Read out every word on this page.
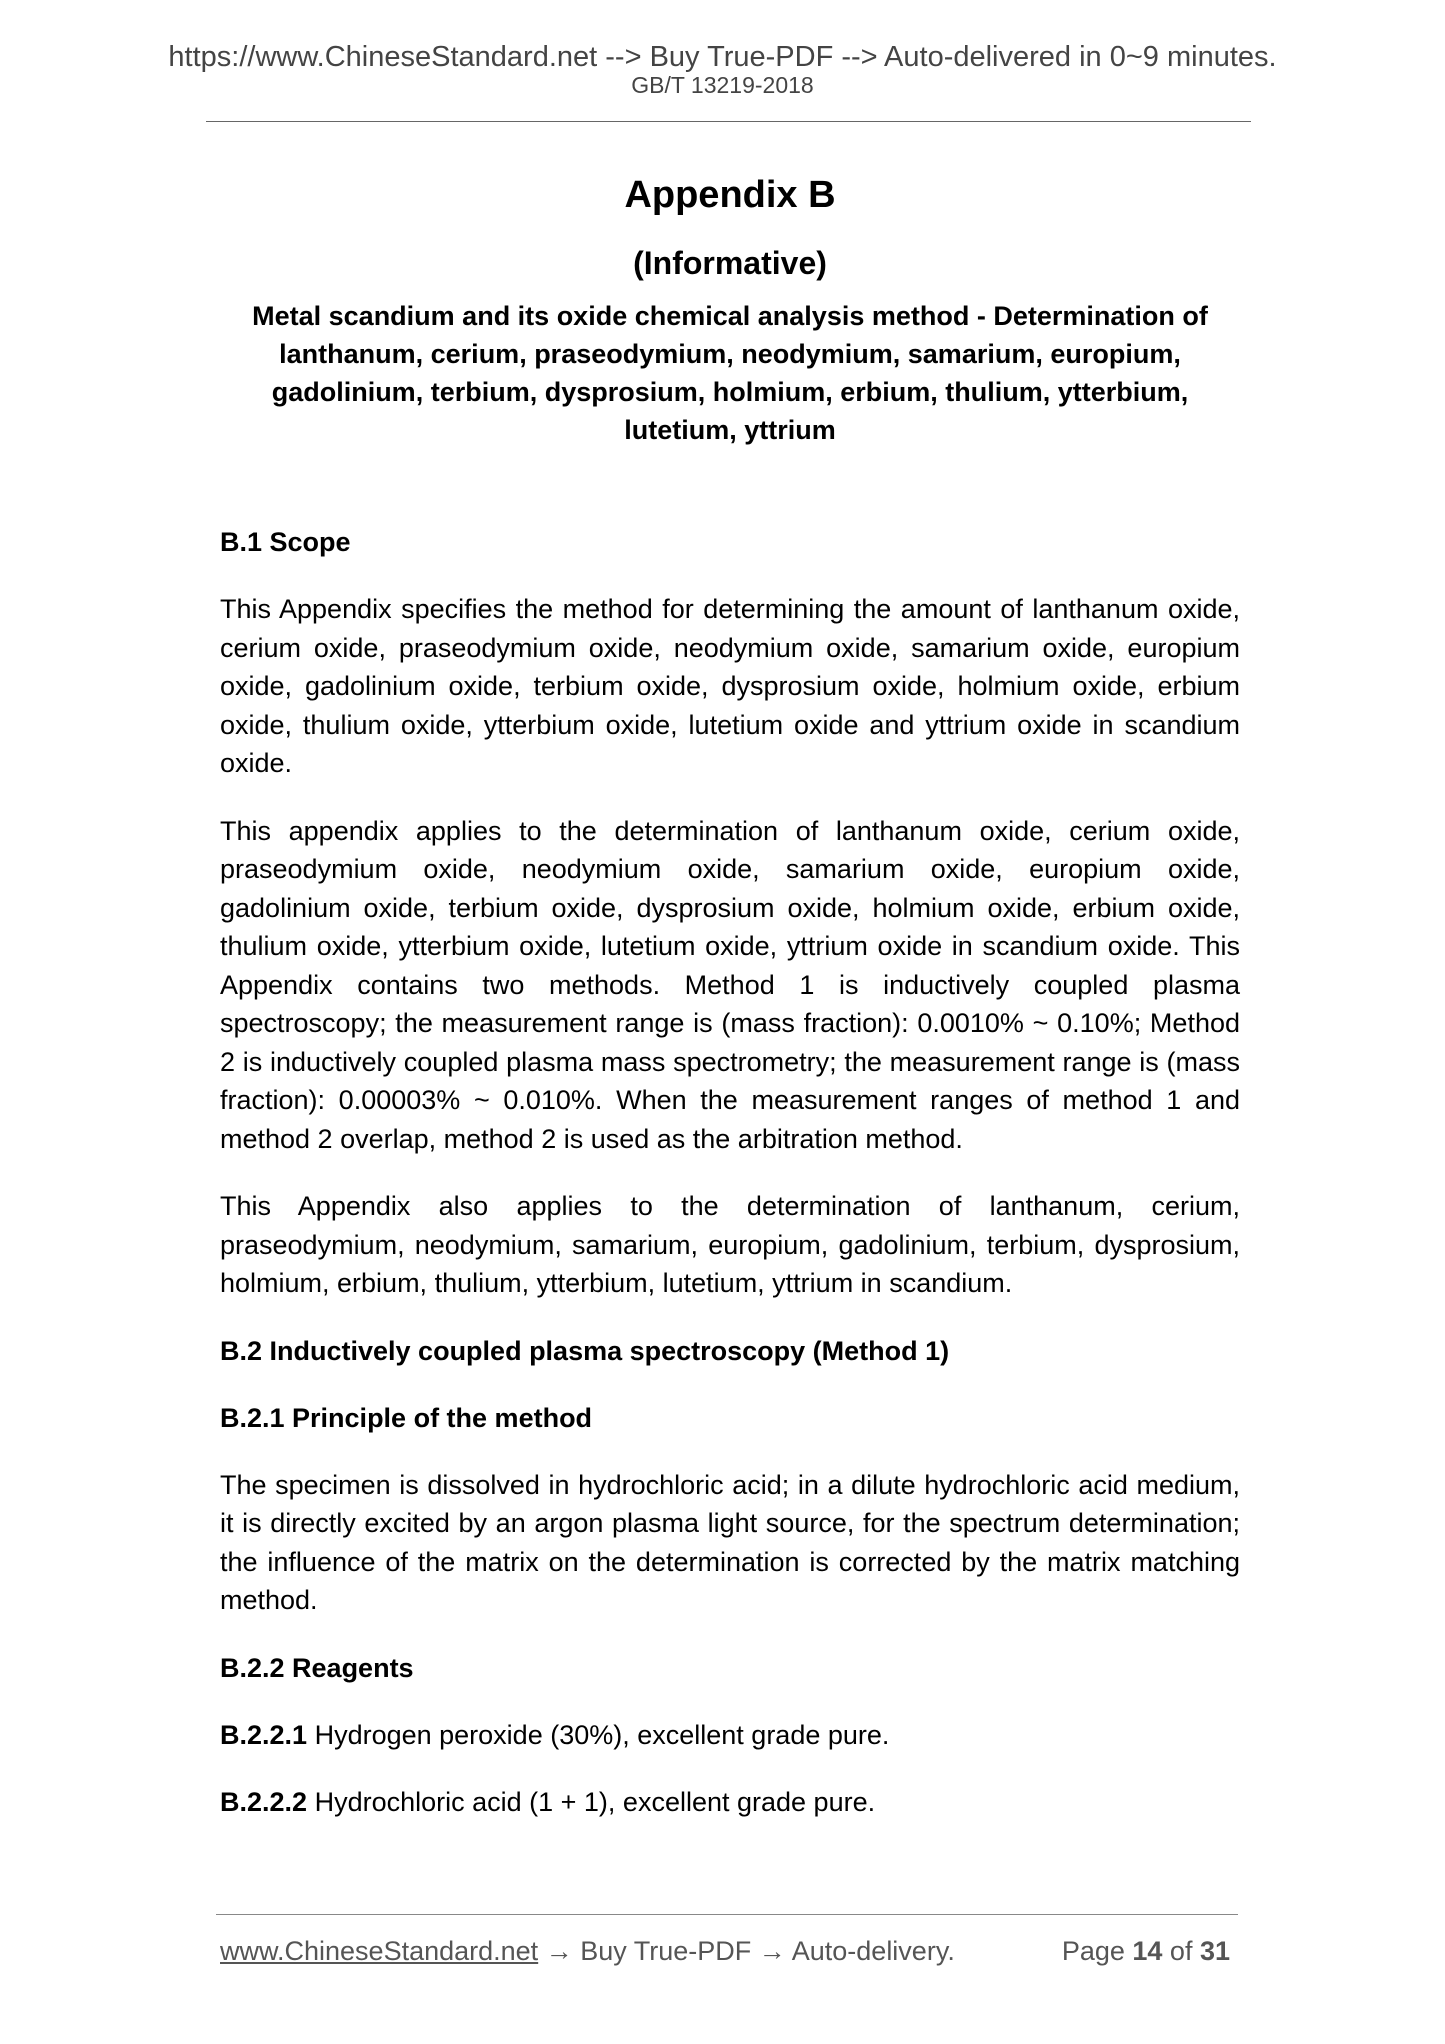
https://www.ChineseStandard.net --> Buy True-PDF --> Auto-delivered in 0~9 minutes.
GB/T 13219-2018
Appendix B
(Informative)
Metal scandium and its oxide chemical analysis method - Determination of lanthanum, cerium, praseodymium, neodymium, samarium, europium, gadolinium, terbium, dysprosium, holmium, erbium, thulium, ytterbium, lutetium, yttrium
B.1 Scope

This Appendix specifies the method for determining the amount of lanthanum oxide, cerium oxide, praseodymium oxide, neodymium oxide, samarium oxide, europium oxide, gadolinium oxide, terbium oxide, dysprosium oxide, holmium oxide, erbium oxide, thulium oxide, ytterbium oxide, lutetium oxide and yttrium oxide in scandium oxide.

This appendix applies to the determination of lanthanum oxide, cerium oxide, praseodymium oxide, neodymium oxide, samarium oxide, europium oxide, gadolinium oxide, terbium oxide, dysprosium oxide, holmium oxide, erbium oxide, thulium oxide, ytterbium oxide, lutetium oxide, yttrium oxide in scandium oxide. This Appendix contains two methods. Method 1 is inductively coupled plasma spectroscopy; the measurement range is (mass fraction): 0.0010% ~ 0.10%; Method 2 is inductively coupled plasma mass spectrometry; the measurement range is (mass fraction): 0.00003% ~ 0.010%. When the measurement ranges of method 1 and method 2 overlap, method 2 is used as the arbitration method.

This Appendix also applies to the determination of lanthanum, cerium, praseodymium, neodymium, samarium, europium, gadolinium, terbium, dysprosium, holmium, erbium, thulium, ytterbium, lutetium, yttrium in scandium.

B.2 Inductively coupled plasma spectroscopy (Method 1)
B.2.1 Principle of the method

The specimen is dissolved in hydrochloric acid; in a dilute hydrochloric acid medium, it is directly excited by an argon plasma light source, for the spectrum determination; the influence of the matrix on the determination is corrected by the matrix matching method.

B.2.2 Reagents

B.2.2.1 Hydrogen peroxide (30%), excellent grade pure.

B.2.2.2 Hydrochloric acid (1 + 1), excellent grade pure.

www.ChineseStandard.net → Buy True-PDF → Auto-delivery.	Page 14 of 31
